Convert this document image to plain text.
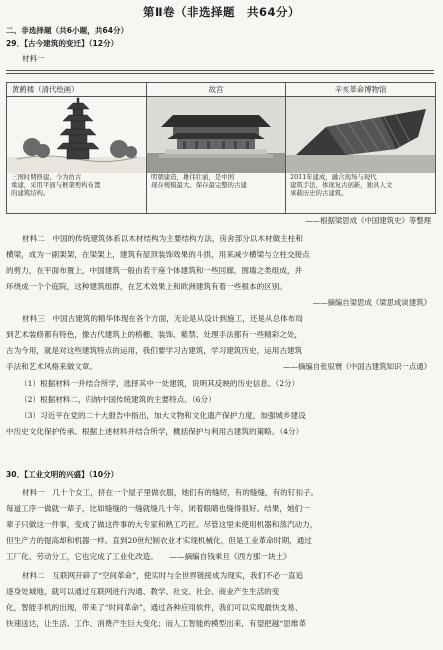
第Ⅱ卷（非选择题　共64分）
二、非选择题（共6小题，共64分）
29．【古今建筑的变迁】（12分）
材料一
黄鹤楼（清代绘画）
三国时期修建，今为仿古
重建，采用平面与框架剪构布置
的建筑结构。
故宫
明朝建造，雄伟壮丽，是中国
现存规模最大、保存最完整的古建
辛亥革命博物馆
2011年建成，融合现场与现代
建筑手法，体现复古创新，独具人文
承载历史的古建筑。
——根据梁思成《中国建筑史》等整理
材料二　中国的传统建筑体系以木材结构为主要结构方法，房舍部分以木材做主柱和
横梁，成为一副架架，在梁架上，建筑有屋顶装饰效果的斗拱，用来减少横梁与立柱交接点
的剪力，在平面布置上，中国建筑一般由若干座个体建筑和一些回廊，围墙之类组成，并
环绕成一个个庭院，这种建筑组群，在艺术效果上和欧洲建筑有着一些根本的区别。
——摘编自梁思成《梁思成谈建筑》
材料三　中国古建筑的精华体现在各个方面，无论是从设计到施工，还是从总体布局
到艺术装修都有特色，像古代建筑上的格栅、装饰、紫禁、处理手法都有一些精彩之处，
古为今用，就是对这些建筑特点的运用，我们要学习古建筑，学习建筑历史，运用古建筑
手法和艺术风格来做文章。	——摘编自张驭寰《中国古建筑知识一点通》
（1）根据材料一并结合所学，选择其中一处建筑，说明其反映的历史信息。（2分）
（2）根据材料二，归纳中国传统建筑的主要特点。（6分）
（3）习近平在党的二十大报告中指出，加大文物和文化遗产保护力度，加强城乡建设
中历史文化保护传承。根据上述材料并结合所学，概括保护与利用古建筑的策略。（4分）
30．【工业文明的兴盛】（10分）
材料一　几十个女工，挤在一个屋子里做衣服，她们有的缝纫，有的缝缝，有的钉扣子。
每道工序一做就一辈子，比如缝缝的一缝就缝几十年，闭着眼睛也缝得很好。结果，她们一
辈子只做这一件事，变成了做这件事的大专家和熟工巧匠。尽管这里未使用机器和蒸汽动力，
但生产力的提高却和机器一样。直到20世纪制衣业才实现机械化，但是工业革命时期，通过
工厂化、劳动分工，它也完成了工业化改造。　　——摘编自钱乘旦《西方那一块土》
材料二　互联网开辟了“空间革命”，使实时与全世界链接成为现实，我们不必一直追
逐身处城地，就可以通过互联网进行沟通、教学、社交、社会、商业产生生活的变
化，智能手机的出现，带来了“时间革命”，通过各种应用软件，我们可以实现最快支易、
快速送达，让生活、工作、消费产生巨大变化；而人工智能的模型出来，有望把越“思维革
